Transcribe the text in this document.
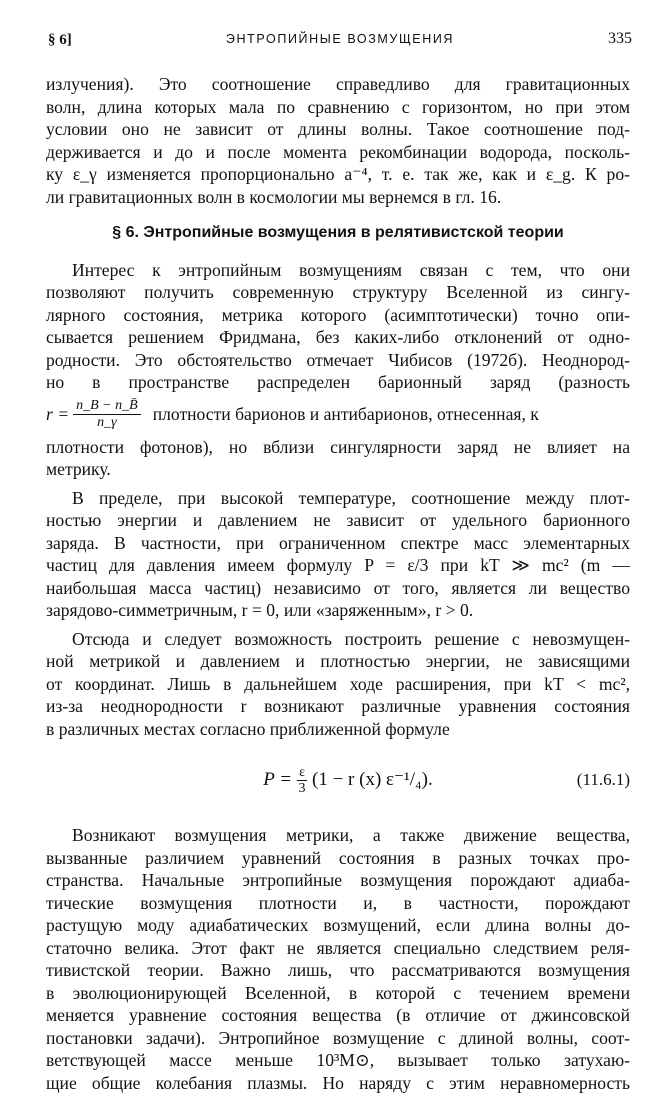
§ 6]	ЭНТРОПИЙНЫЕ ВОЗМУЩЕНИЯ	335

излучения). Это соотношение справедливо для гравитационных

волн, длина которых мала по сравнению с горизонтом, но при этом

условии оно не зависит от длины волны. Такое соотношение под-

держивается и до и после момента рекомбинации водорода, посколь-

ку ε_γ изменяется пропорционально a⁻⁴, т. е. так же, как и ε_g. К ро-

ли гравитационных волн в космологии мы вернемся в гл. 16.

§ 6. Энтропийные возмущения в релятивистской теории

Интерес к энтропийным возмущениям связан с тем, что они

позволяют получить современную структуру Вселенной из сингу-

лярного состояния, метрика которого (асимптотически) точно опи-

сывается решением Фридмана, без каких-либо отклонений от одно-

родности. Это обстоятельство отмечает Чибисов (1972б). Неоднород-

но в пространстве распределен барионный заряд (разность

$r = \frac{n\_B - n\_B̄}{n\_\gamma}$ плотности барионов и антибарионов, отнесенная, к

плотности фотонов), но вблизи сингулярности заряд не влияет на

метрику.

В пределе, при высокой температуре, соотношение между плот-

ностью энергии и давлением не зависит от удельного барионного

заряда. В частности, при ограниченном спектре масс элементарных

частиц для давления имеем формулу P = ε/3 при kT ≫ mc² (m —

наибольшая масса частиц) независимо от того, является ли вещество

зарядово-симметричным, r = 0, или «заряженным», r > 0.

Отсюда и следует возможность построить решение с невозмущен-

ной метрикой и давлением и плотностью энергии, не зависящими

от координат. Лишь в дальнейшем ходе расширения, при kT < mc²,

из-за неоднородности r возникают различные уравнения состояния

в различных местах согласно приближенной формуле

$P = \frac{\varepsilon}{3} (1 - r$ (x) ε⁻¹/₄).	(11.6.1)

Возникают возмущения метрики, а также движение вещества,

вызванные различием уравнений состояния в разных точках про-

странства. Начальные энтропийные возмущения порождают адиаба-

тические возмущения плотности и, в частности, порождают

растущую моду адиабатических возмущений, если длина волны до-

статочно велика. Этот факт не является специально следствием реля-

тивистской теории. Важно лишь, что рассматриваются возмущения

в эволюционирующей Вселенной, в которой с течением времени

меняется уравнение состояния вещества (в отличие от джинсовской

постановки задачи). Энтропийное возмущение с длиной волны, соот-

ветствующей массе меньше 10³M⊙, вызывает только затухаю-

щие общие колебания плазмы. Но наряду с этим неравномерность
